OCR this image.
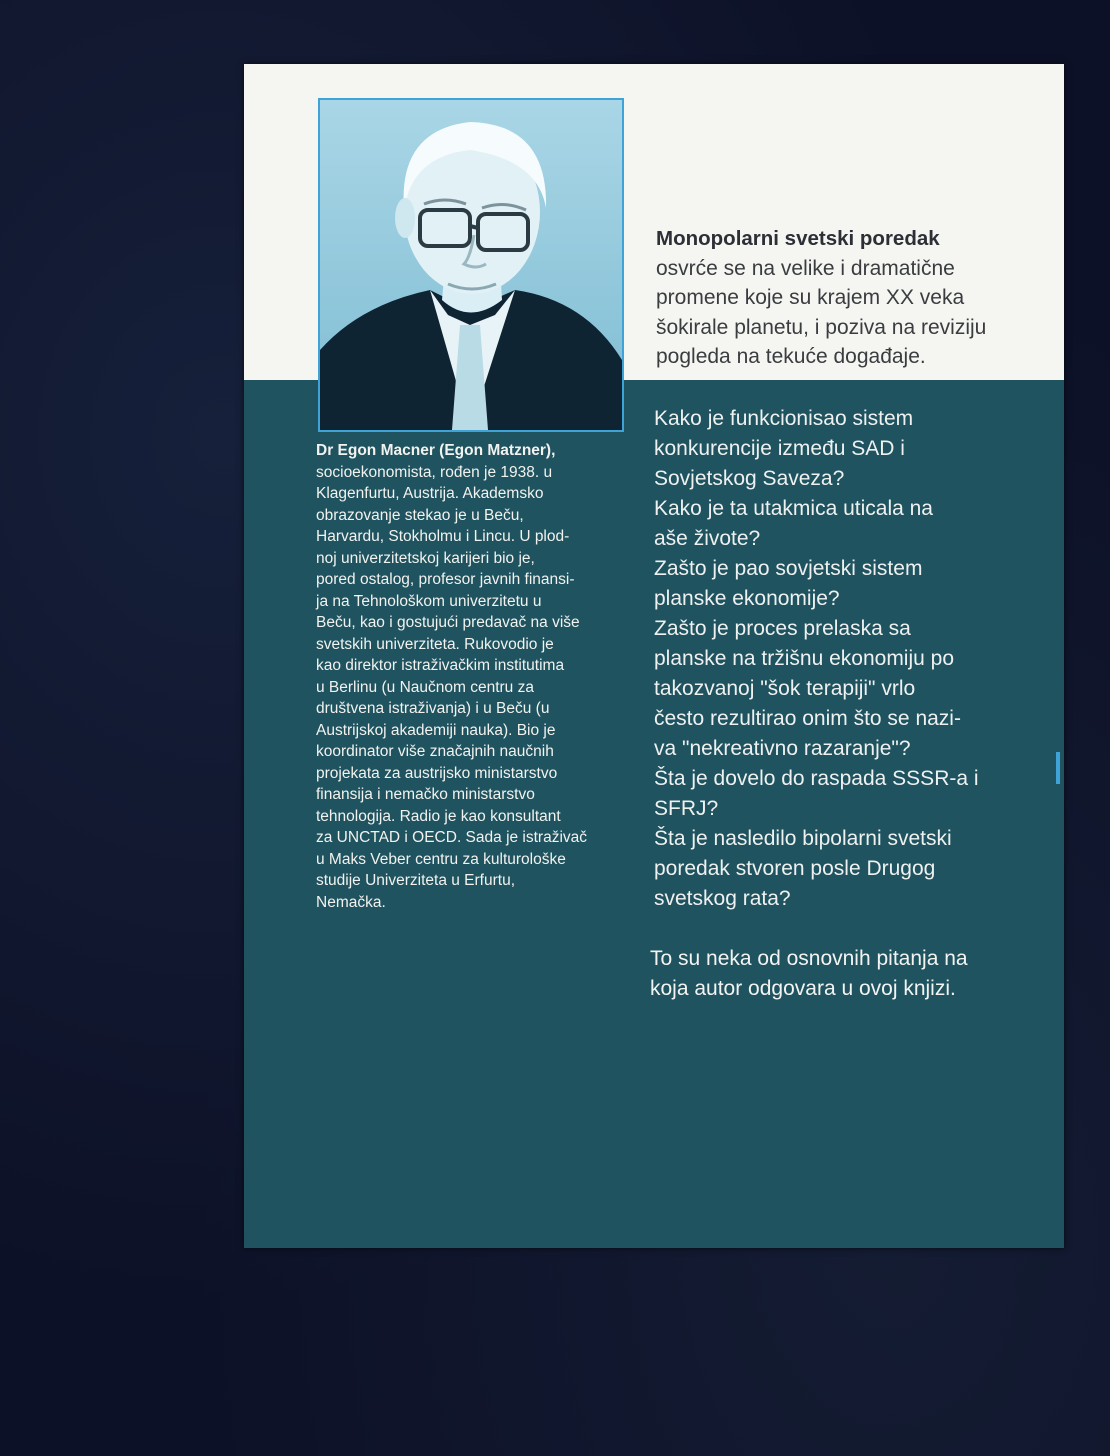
Monopolarni svetski poredak
osvrće se na velike i dramatične promene koje su krajem XX veka šokirale planetu, i poziva na reviziju pogleda na tekuće događaje.
Dr Egon Macner (Egon Matzner),
socioekonomista, rođen je 1938. u
Klagenfurtu, Austrija. Akademsko
obrazovanje stekao je u Beču,
Harvardu, Stokholmu i Lincu. U plod-
noj univerzitetskoj karijeri bio je,
pored ostalog, profesor javnih finansi-
ja na Tehnološkom univerzitetu u
Beču, kao i gostujući predavač na više
svetskih univerziteta. Rukovodio je
kao direktor istraživačkim institutima
u Berlinu (u Naučnom centru za
društvena istraživanja) i u Beču (u
Austrijskoj akademiji nauka). Bio je
koordinator više značajnih naučnih
projekata za austrijsko ministarstvo
finansija i nemačko ministarstvo
tehnologija. Radio je kao konsultant
za UNCTAD i OECD. Sada je istraživač
u Maks Veber centru za kulturološke
studije Univerziteta u Erfurtu,
Nemačka.
Kako je funkcionisao sistem
konkurencije između SAD i
Sovjetskog Saveza?
Kako je ta utakmica uticala na
aše živote?
Zašto je pao sovjetski sistem
planske ekonomije?
Zašto je proces prelaska sa
planske na tržišnu ekonomiju po
takozvanoj "šok terapiji" vrlo
često rezultirao onim što se nazi-
va "nekreativno razaranje"?
Šta je dovelo do raspada SSSR-a i
SFRJ?
Šta je nasledilo bipolarni svetski
poredak stvoren posle Drugog
svetskog rata?
To su neka od osnovnih pitanja na
koja autor odgovara u ovoj knjizi.
